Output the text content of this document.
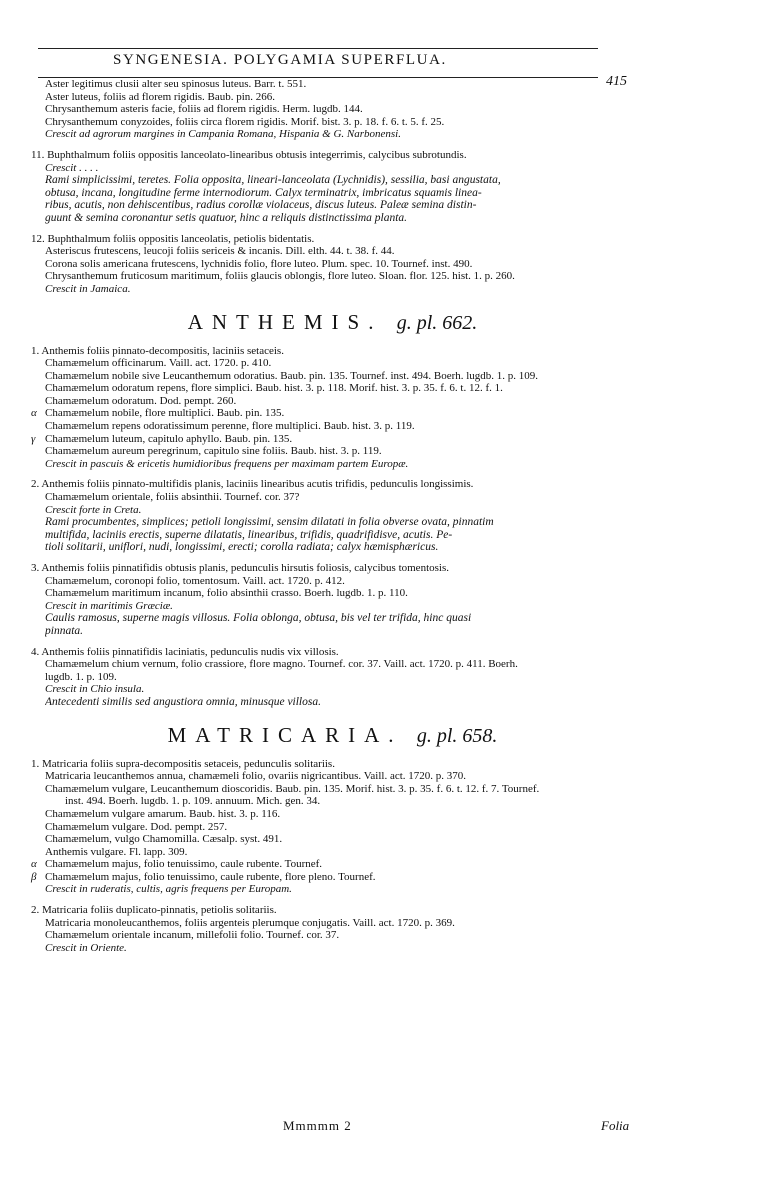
SYNGENESIA. POLYGAMIA SUPERFLUA.
415
Aster legitimus clusii alter seu spinosus luteus. Barr. t. 551.
Aster luteus, foliis ad florem rigidis. Baub. pin. 266.
Chrysanthemum asteris facie, foliis ad florem rigidis. Herm. lugdb. 144.
Chrysanthemum conyzoides, foliis circa florem rigidis. Morif. bist. 3. p. 18. f. 6. t. 5. f. 25.
Crescit ad agrorum margines in Campania Romana, Hispania & G. Narbonensi.
11. Buphthalmum foliis oppositis lanceolato-linearibus obtusis integerrimis, calycibus subrotundis.
Crescit . . . .
Rami simplicissimi, teretes. Folia opposita, lineari-lanceolata (Lychnidis), sessilia, basi angustata,
obtusa, incana, longitudine ferme internodiorum. Calyx terminatrix, imbricatus squamis linea-
ribus, acutis, non dehiscentibus, radius corollæ violaceus, discus luteus. Paleæ semina distin-
guunt & semina coronantur setis quatuor, hinc a reliquis distinctissima planta.
12. Buphthalmum foliis oppositis lanceolatis, petiolis bidentatis.
Asteriscus frutescens, leucoji foliis sericeis & incanis. Dill. elth. 44. t. 38. f. 44.
Corona solis americana frutescens, lychnidis folio, flore luteo. Plum. spec. 10. Tournef. inst. 490.
Chrysanthemum fruticosum maritimum, foliis glaucis oblongis, flore luteo. Sloan. flor. 125. hist. 1. p. 260.
Crescit in Jamaica.
ANTHEMIS. g. pl. 662.
1. Anthemis foliis pinnato-decompositis, laciniis setaceis.
Chamæmelum officinarum. Vaill. act. 1720. p. 410.
Chamæmelum nobile sive Leucanthemum odoratius. Baub. pin. 135. Tournef. inst. 494. Boerh. lugdb. 1. p. 109.
Chamæmelum odoratum repens, flore simplici. Baub. hist. 3. p. 118. Morif. hist. 3. p. 35. f. 6. t. 12. f. 1.
Chamæmelum odoratum. Dod. pempt. 260.
α Chamæmelum nobile, flore multiplici. Baub. pin. 135.
Chamæmelum repens odoratissimum perenne, flore multiplici. Baub. hist. 3. p. 119.
γ Chamæmelum luteum, capitulo aphyllo. Baub. pin. 135.
Chamæmelum aureum peregrinum, capitulo sine foliis. Baub. hist. 3. p. 119.
Crescit in pascuis & ericetis humidioribus frequens per maximam partem Europæ.
2. Anthemis foliis pinnato-multifidis planis, laciniis linearibus acutis trifidis, pedunculis longissimis.
Chamæmelum orientale, foliis absinthii. Tournef. cor. 37?
Crescit forte in Creta.
Rami procumbentes, simplices; petioli longissimi, sensim dilatati in folia obverse ovata, pinnatim
multifida, laciniis erectis, superne dilatatis, linearibus, trifidis, quadrifidisve, acutis. Pe-
tioli solitarii, uniflori, nudi, longissimi, erecti; corolla radiata; calyx hæmisphæricus.
3. Anthemis foliis pinnatifidis obtusis planis, pedunculis hirsutis foliosis, calycibus tomentosis.
Chamæmelum, coronopi folio, tomentosum. Vaill. act. 1720. p. 412.
Chamæmelum maritimum incanum, folio absinthii crasso. Boerh. lugdb. 1. p. 110.
Crescit in maritimis Græciæ.
Caulis ramosus, superne magis villosus. Folia oblonga, obtusa, bis vel ter trifida, hinc quasi
pinnata.
4. Anthemis foliis pinnatifidis laciniatis, pedunculis nudis vix villosis.
Chamæmelum chium vernum, folio crassiore, flore magno. Tournef. cor. 37. Vaill. act. 1720. p. 411. Boerh.
lugdb. 1. p. 109.
Crescit in Chio insula.
Antecedenti similis sed angustiora omnia, minusque villosa.
MATRICARIA. g. pl. 658.
1. Matricaria foliis supra-decompositis setaceis, pedunculis solitariis.
Matricaria leucanthemos annua, chamæmeli folio, ovariis nigricantibus. Vaill. act. 1720. p. 370.
Chamæmelum vulgare, Leucanthemum dioscoridis. Baub. pin. 135. Morif. hist. 3. p. 35. f. 6. t. 12. f. 7. Tournef.
inst. 494. Boerh. lugdb. 1. p. 109. annuum. Mich. gen. 34.
Chamæmelum vulgare amarum. Baub. hist. 3. p. 116.
Chamæmelum vulgare. Dod. pempt. 257.
Chamæmelum, vulgo Chamomilla. Cæsalp. syst. 491.
Anthemis vulgare. Fl. lapp. 309.
α Chamæmelum majus, folio tenuissimo, caule rubente. Tournef.
β Chamæmelum majus, folio tenuissimo, caule rubente, flore pleno. Tournef.
Crescit in ruderatis, cultis, agris frequens per Europam.
2. Matricaria foliis duplicato-pinnatis, petiolis solitariis.
Matricaria monoleucanthemos, foliis argenteis plerumque conjugatis. Vaill. act. 1720. p. 369.
Chamæmelum orientale incanum, millefolii folio. Tournef. cor. 37.
Crescit in Oriente.
Mmmmm 2	Folia
